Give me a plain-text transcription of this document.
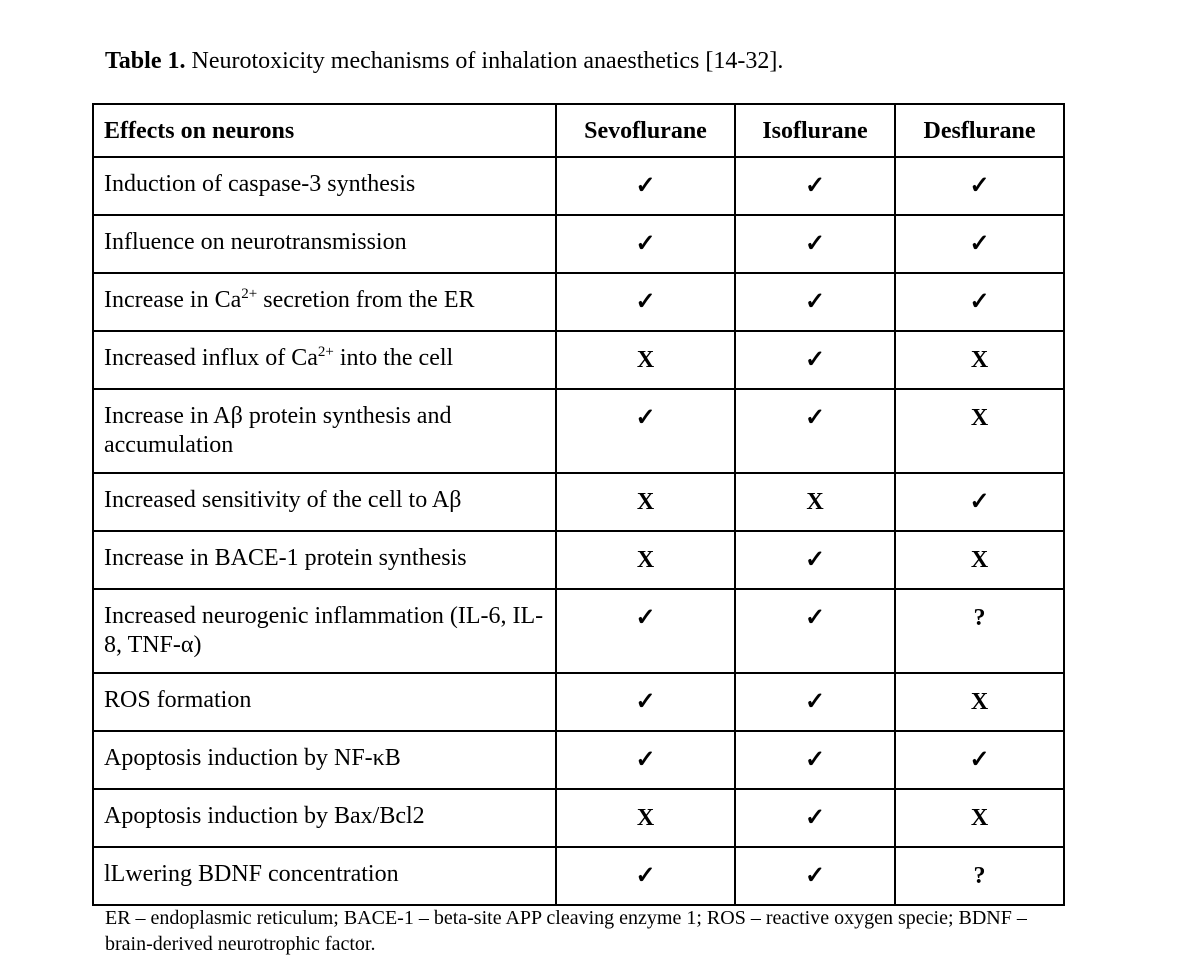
Table 1. Neurotoxicity mechanisms of inhalation anaesthetics [14-32].
Effects on neurons	Sevoflurane	Isoflurane	Desflurane
Induction of caspase-3 synthesis	✓	✓	✓
Influence on neurotransmission	✓	✓	✓
Increase in $Ca^{2+}$ secretion from the ER	✓	✓	✓
Increased influx of $Ca^{2+}$ into the cell	X	✓	X
Increase in Aβ protein synthesis and accumulation	✓	✓	X
Increased sensitivity of the cell to Aβ	X	X	✓
Increase in BACE-1 protein synthesis	X	✓	X
Increased neurogenic inflammation (IL-6, IL-8, TNF-α)	✓	✓	?
ROS formation	✓	✓	X
Apoptosis induction by NF-κB	✓	✓	✓
Apoptosis induction by Bax/Bcl2	X	✓	X
lLwering BDNF concentration	✓	✓	?
ER – endoplasmic reticulum; BACE-1 – beta-site APP cleaving enzyme 1; ROS – reactive oxygen specie; BDNF – brain-derived neurotrophic factor.
